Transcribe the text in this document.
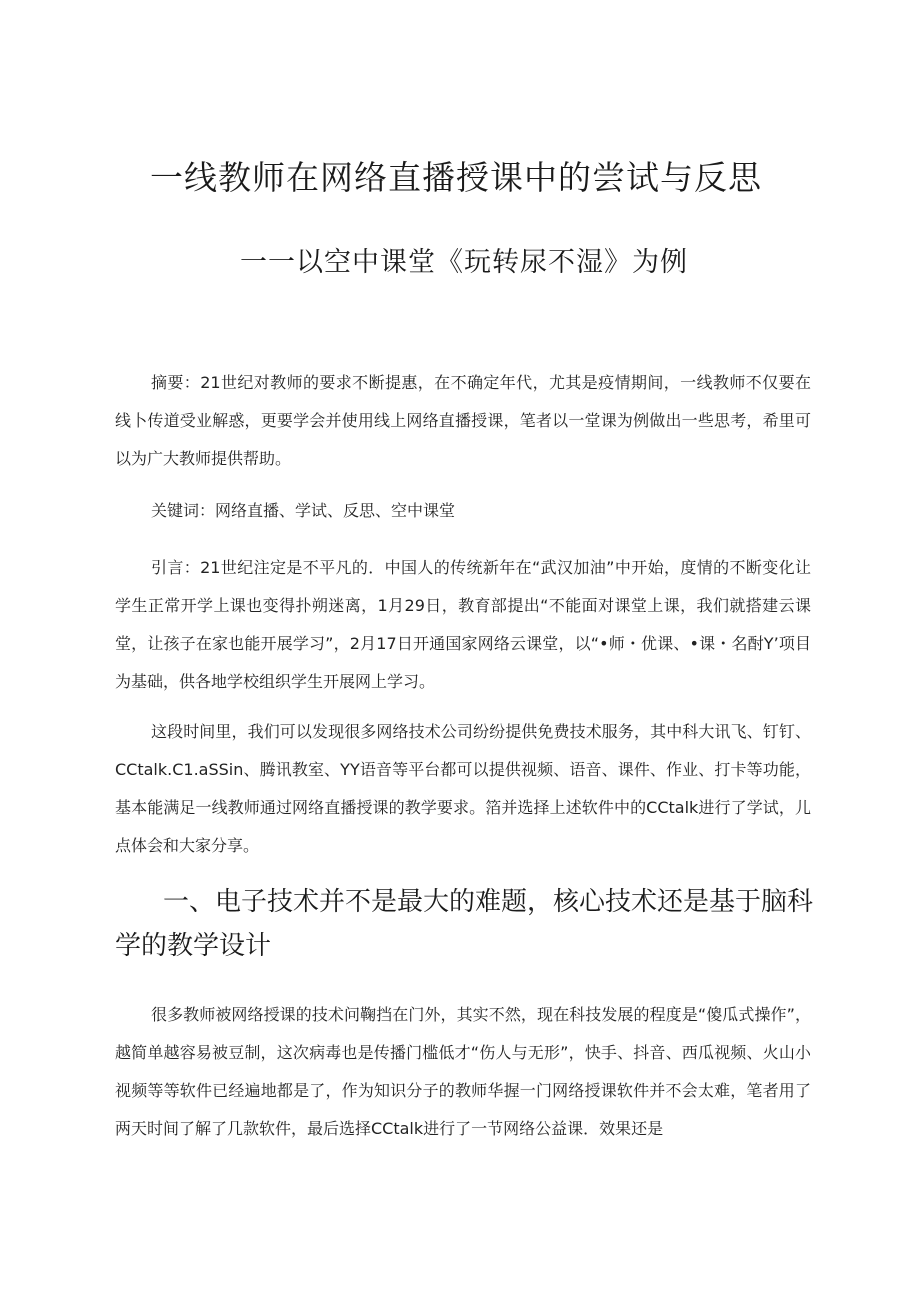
一线教师在网络直播授课中的尝试与反思
一一以空中课堂《玩转尿不湿》为例

摘要：21世纪对教师的要求不断提惠，在不确定年代，尤其是疫情期间，一线教师不仅要在线卜传道受业解惑，更要学会并使用线上网络直播授课，笔者以一堂课为例做出一些思考，希里可以为广大教师提供帮助。

关键词：网络直播、学试、反思、空中课堂

引言：21世纪注定是不平凡的．中国人的传统新年在“武汉加油”中开始，度情的不断变化让学生正常开学上课也变得扑朔迷离，1月29日，教育部提出“不能面对课堂上课，我们就搭建云课堂，让孩子在家也能开展学习”，2月17日开通国家网络云课堂，以“•师・优课、•课・名酎Y’项目为基础，供各地学校组织学生开展网上学习。

这段时间里，我们可以发现很多网络技术公司纷纷提供免费技术服务，其中科大讯飞、钉钉、CCtalk.C1.aSSin、腾讯教室、YY语音等平台都可以提供视频、语音、课件、作业、打卡等功能，基本能满足一线教师通过网络直播授课的教学要求。箔并选择上述软件中的CCtalk进行了学试，儿点体会和大家分享。

一、电子技术并不是最大的难题，核心技术还是基于脑科学的教学设计

很多教师被网络授课的技术问鞠挡在门外，其实不然，现在科技发展的程度是“傻瓜式操作”，越简单越容易被豆制，这次病毒也是传播门槛低才“伤人与无形”，快手、抖音、西瓜视频、火山小视频等等软件已经遍地都是了，作为知识分子的教师华握一门网络授课软件并不会太难，笔者用了两天时间了解了几款软件，最后选择CCtalk进行了一节网络公益课．效果还是
